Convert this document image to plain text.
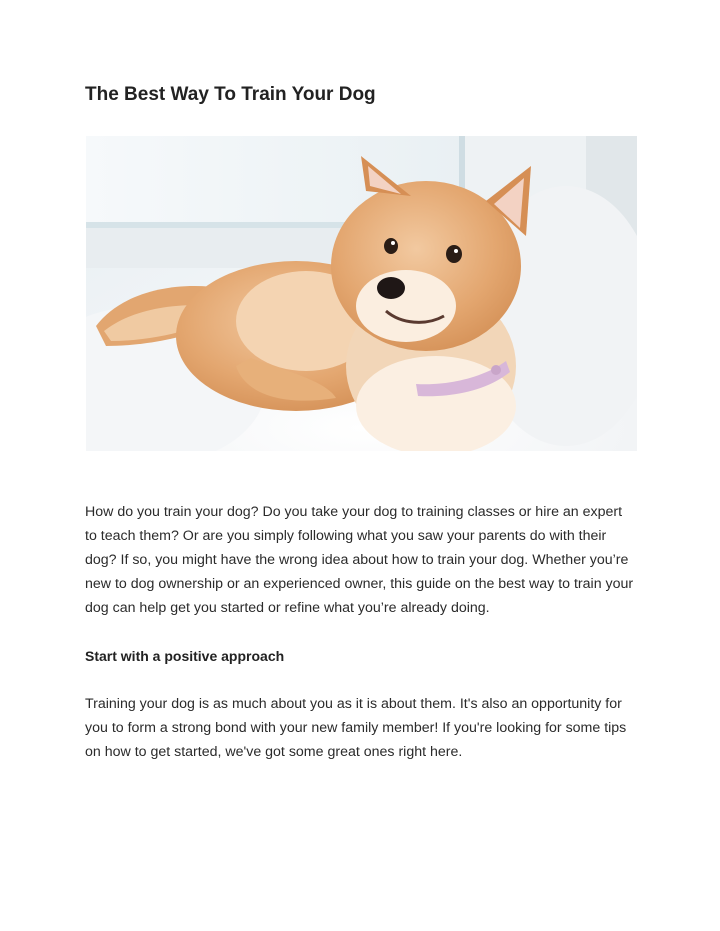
The Best Way To Train Your Dog

How do you train your dog? Do you take your dog to training classes or hire an expert to teach them? Or are you simply following what you saw your parents do with their dog? If so, you might have the wrong idea about how to train your dog. Whether you’re new to dog ownership or an experienced owner, this guide on the best way to train your dog can help get you started or refine what you’re already doing.

Start with a positive approach

Training your dog is as much about you as it is about them. It's also an opportunity for you to form a strong bond with your new family member! If you're looking for some tips on how to get started, we've got some great ones right here.
